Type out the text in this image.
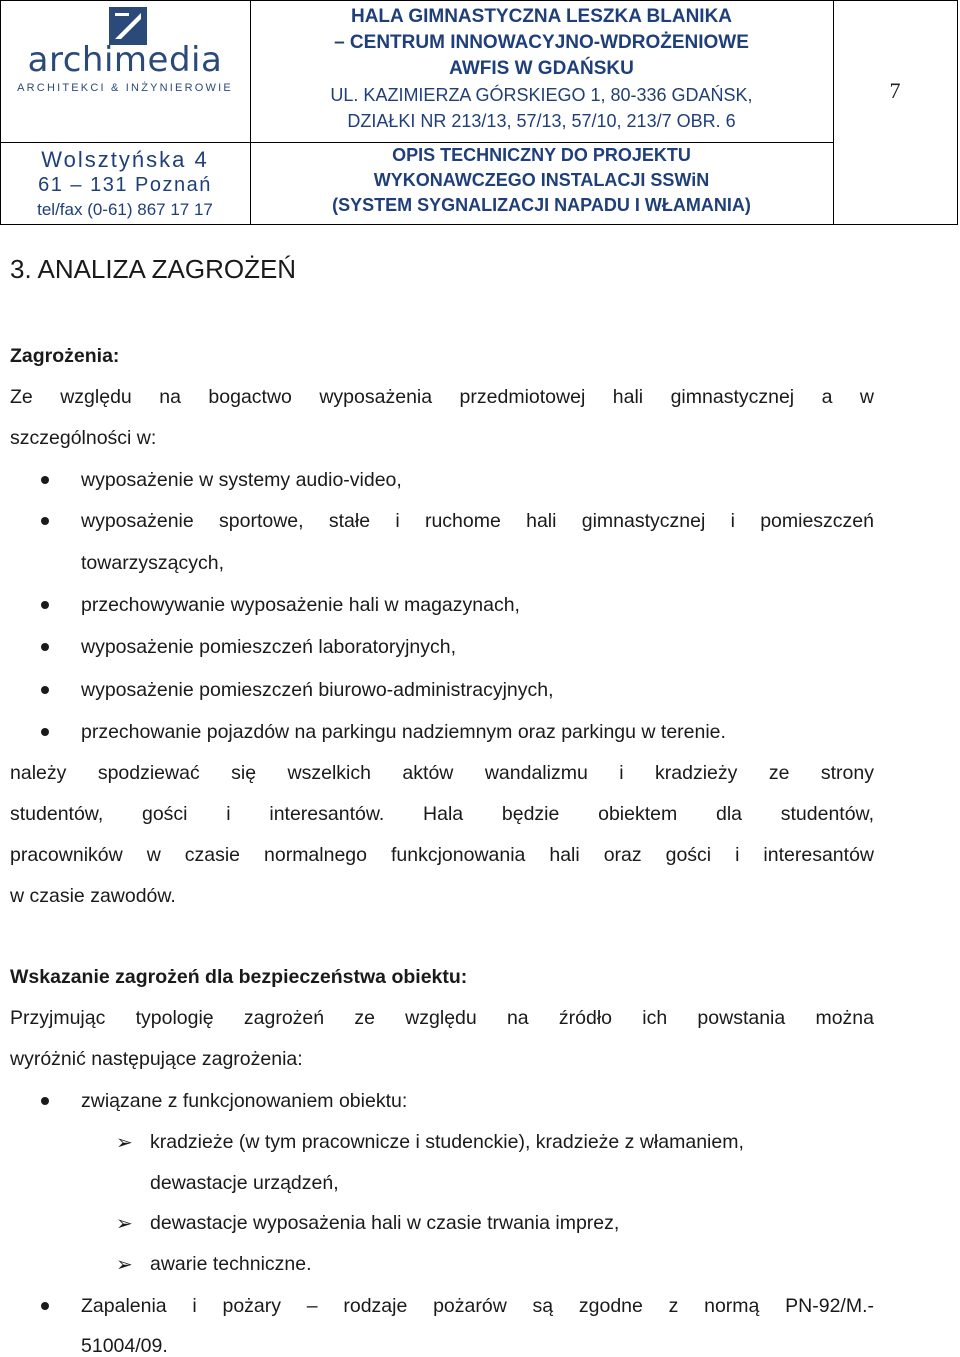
archimedia
ARCHITEKCI & INŻYNIEROWIE
Wolsztyńska 4
61 – 131 Poznań
tel/fax (0-61) 867 17 17
HALA GIMNASTYCZNA LESZKA BLANIKA
– CENTRUM INNOWACYJNO-WDROŻENIOWE
AWFIS W GDAŃSKU
UL. KAZIMIERZA GÓRSKIEGO 1, 80-336 GDAŃSK,
DZIAŁKI NR 213/13, 57/13, 57/10, 213/7 OBR. 6
OPIS TECHNICZNY DO PROJEKTU
WYKONAWCZEGO INSTALACJI SSWiN
(SYSTEM SYGNALIZACJI NAPADU I WŁAMANIA)
7
3. ANALIZA ZAGROŻEŃ
Zagrożenia:
Ze względu na bogactwo wyposażenia przedmiotowej hali gimnastycznej a w
szczególności w:
wyposażenie w systemy audio-video,
wyposażenie sportowe, stałe i ruchome hali gimnastycznej i pomieszczeń
towarzyszących,
przechowywanie wyposażenie hali w magazynach,
wyposażenie pomieszczeń laboratoryjnych,
wyposażenie pomieszczeń biurowo-administracyjnych,
przechowanie pojazdów na parkingu nadziemnym oraz parkingu w terenie.
należy spodziewać się wszelkich aktów wandalizmu i kradzieży ze strony
studentów, gości i interesantów. Hala będzie obiektem dla studentów,
pracowników w czasie normalnego funkcjonowania hali oraz gości i interesantów
w czasie zawodów.
Wskazanie zagrożeń dla bezpieczeństwa obiektu:
Przyjmując typologię zagrożeń ze względu na źródło ich powstania można
wyróżnić następujące zagrożenia:
związane z funkcjonowaniem obiektu:
➢ kradzieże (w tym pracownicze i studenckie), kradzieże z włamaniem,
dewastacje urządzeń,
➢ dewastacje wyposażenia hali w czasie trwania imprez,
➢ awarie techniczne.
Zapalenia i pożary – rodzaje pożarów są zgodne z normą PN-92/M.-
51004/09.
